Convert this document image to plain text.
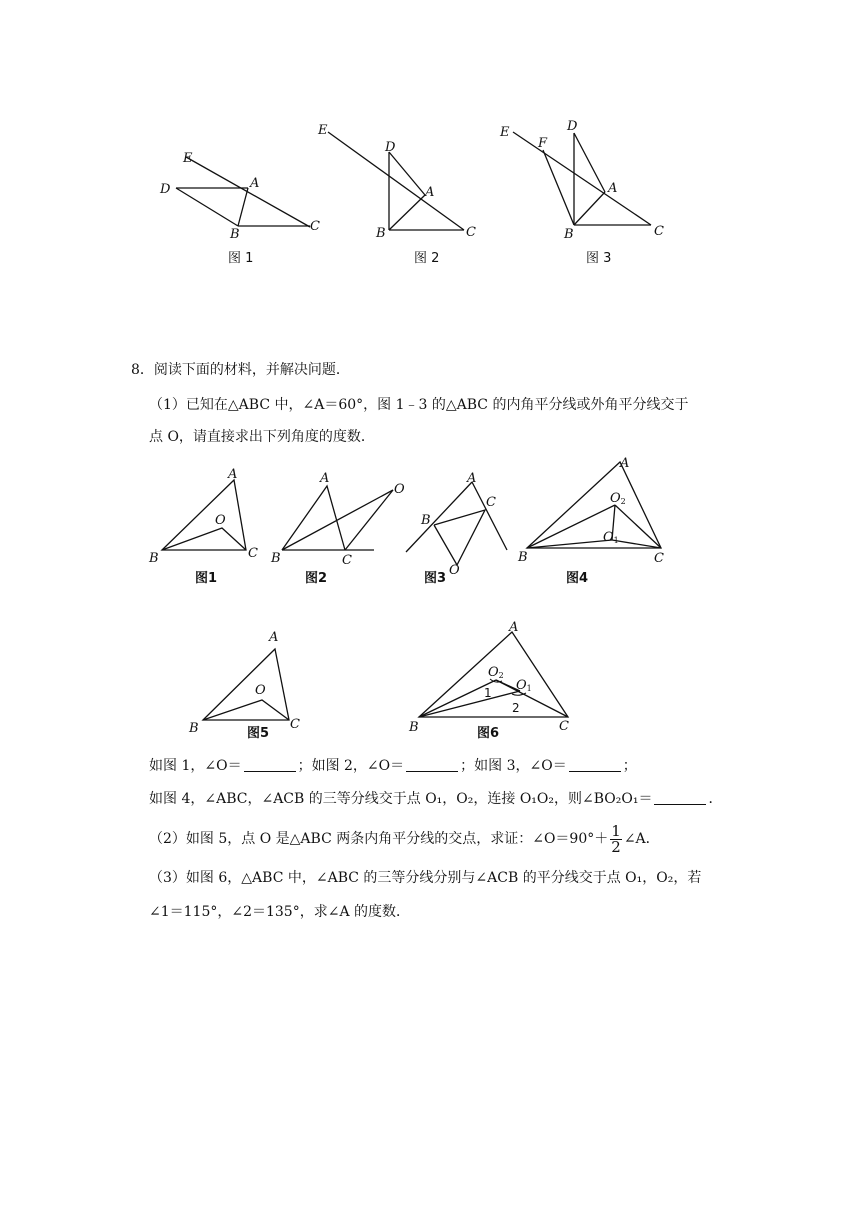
E
D	A
B
C
图 1
E
D
A
B	C
图 2
E
F
D
A
B	C
图 3
8．阅读下面的材料，并解决问题．
（1）已知在△ABC 中，∠A＝60°，图 1﹣3 的△ABC 的内角平分线或外角平分线交于
点 O，请直接求出下列角度的度数．
A
O
B	C
图1
A
O
B	C
图2
A
C
B
O
图3
A
O2
O1
B	C
图4
A
O
B	C
图5
A
O2
O1
1
2
B	C
图6
如图 1，∠O＝	；如图 2，∠O＝	；如图 3，∠O＝	；
如图 4，∠ABC，∠ACB 的三等分线交于点 O₁，O₂，连接 O₁O₂，则∠BO₂O₁＝	．
（2）如图 5，点 O 是△ABC 两条内角平分线的交点，求证：∠O＝90°＋ $\frac{1}{2}$ ∠A．
（3）如图 6，△ABC 中，∠ABC 的三等分线分别与∠ACB 的平分线交于点 O₁，O₂，若
∠1＝115°，∠2＝135°，求∠A 的度数．
